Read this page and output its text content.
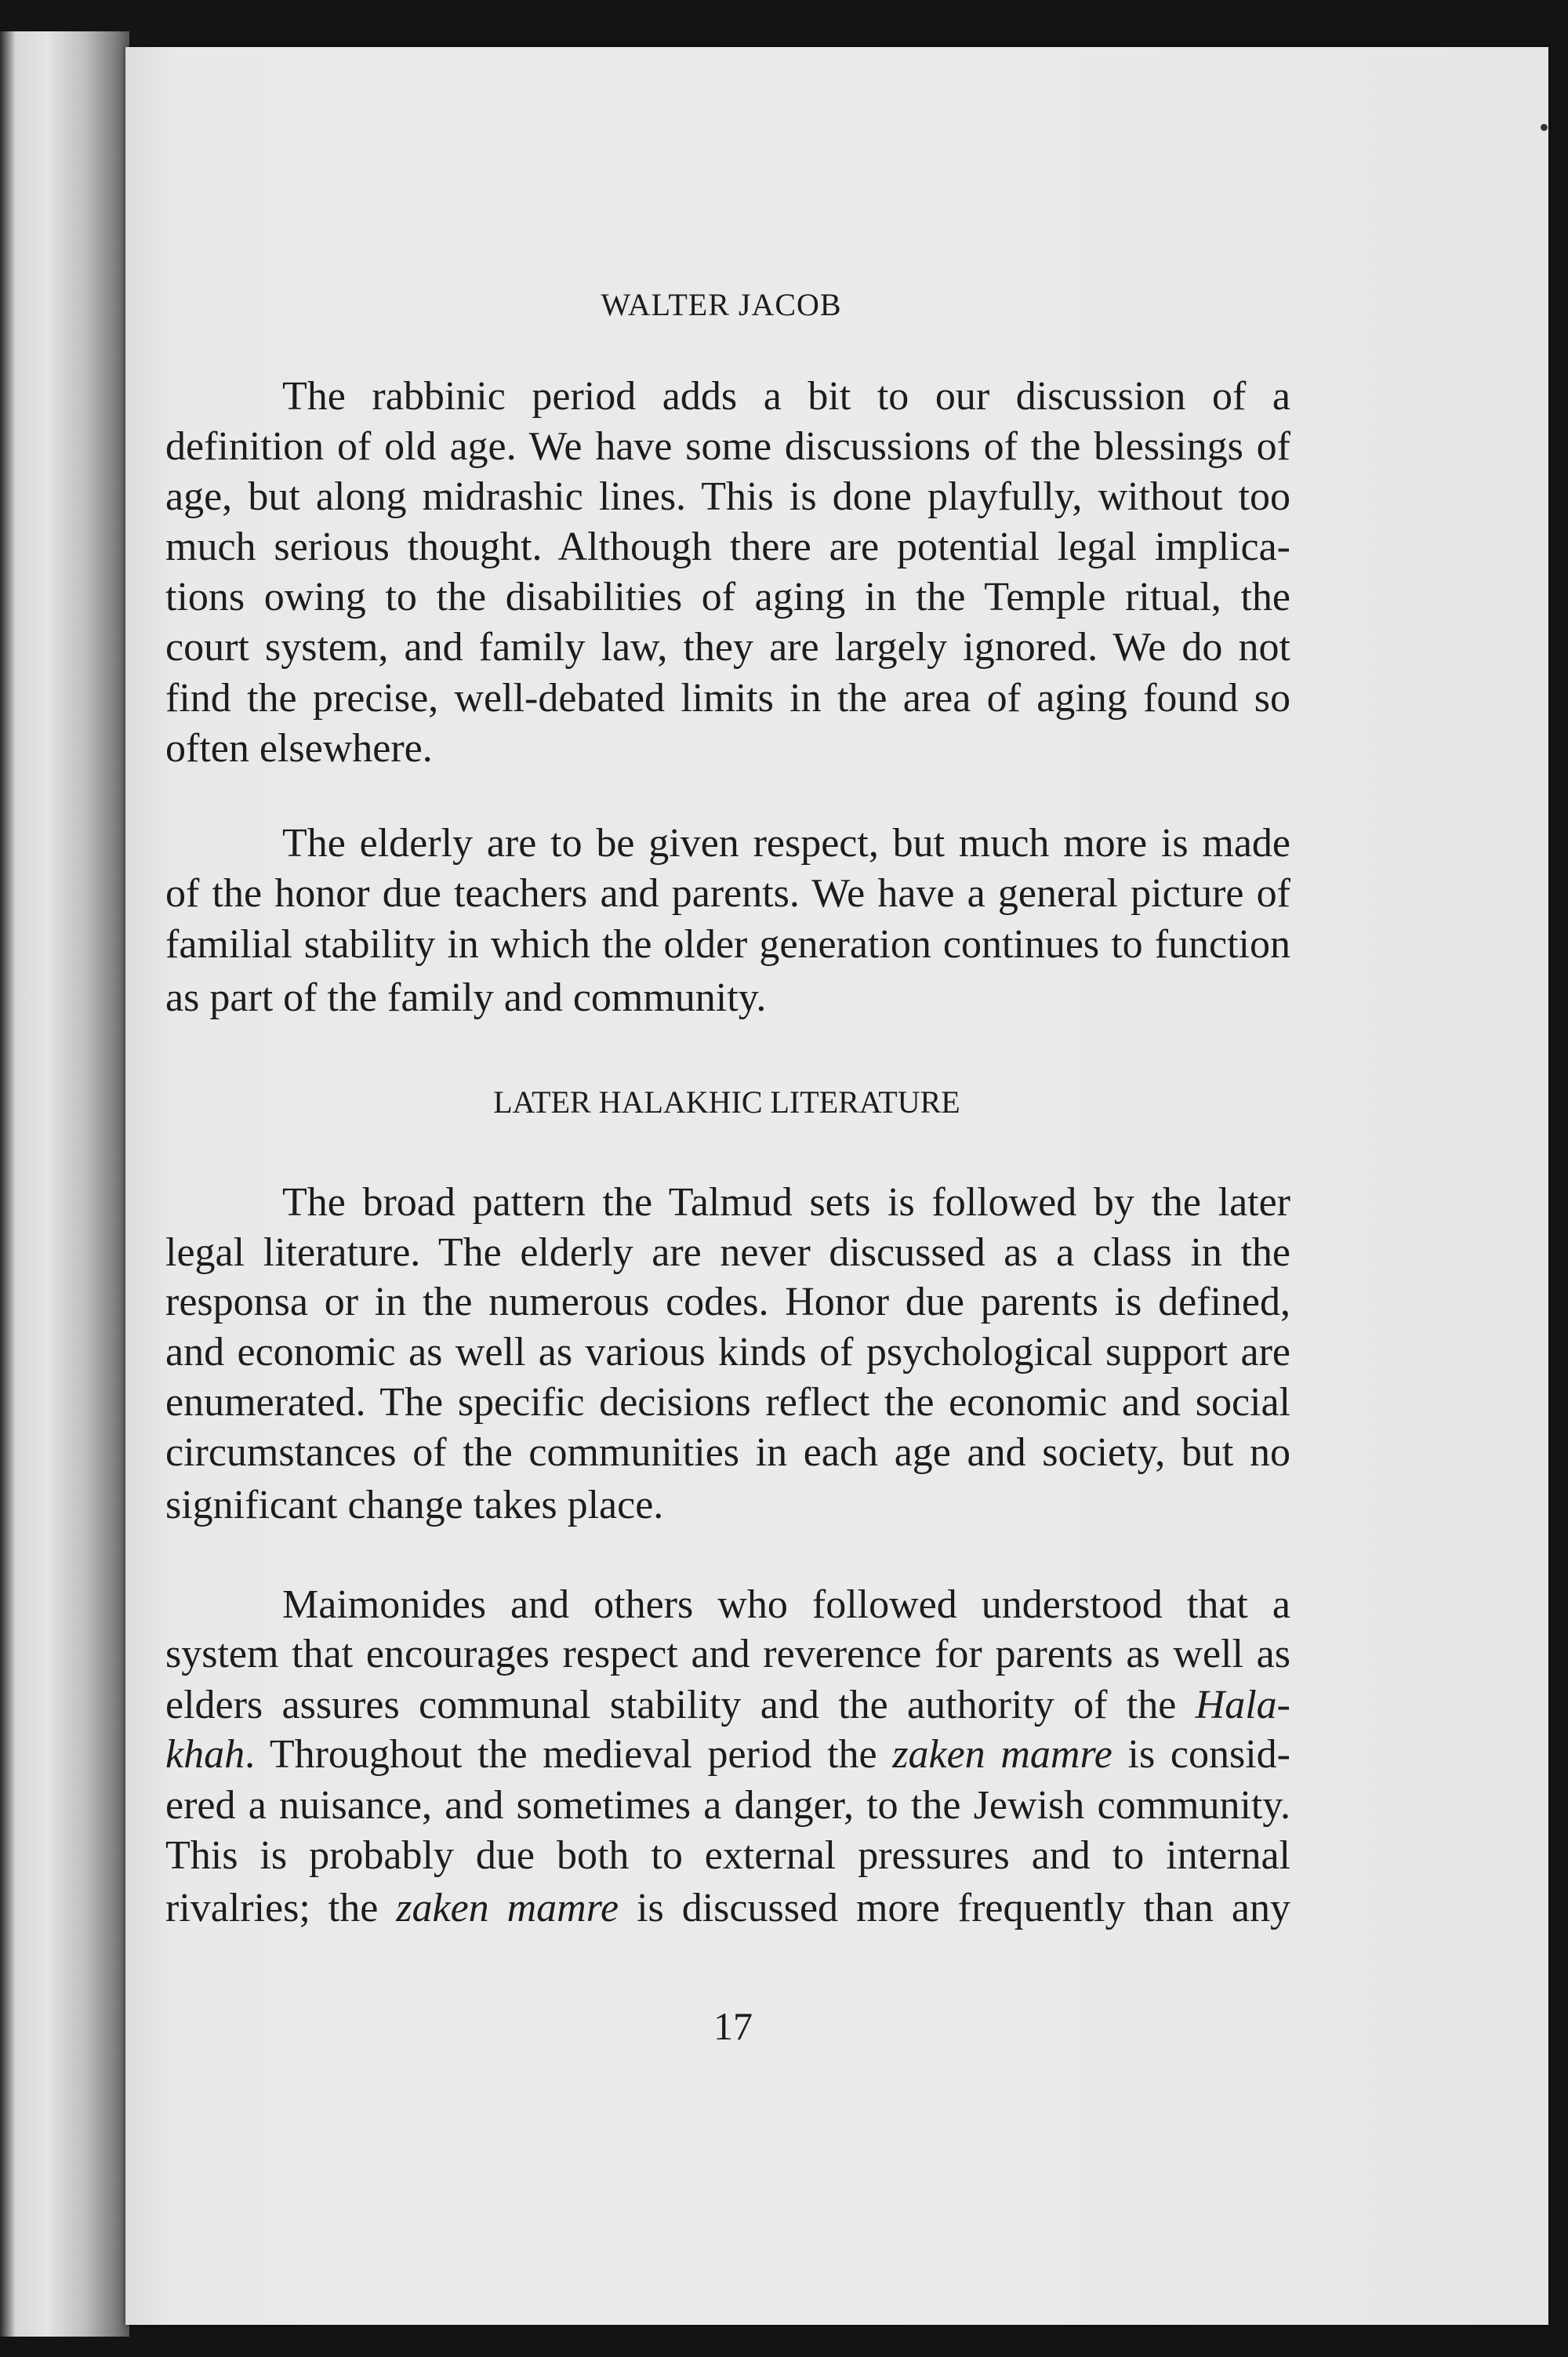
WALTER JACOB
LATER HALAKHIC LITERATURE
The rabbinic period adds a bit to our discussion of a
definition of old age. We have some discussions of the blessings of
age, but along midrashic lines. This is done playfully, without too
much serious thought. Although there are potential legal implica-
tions owing to the disabilities of aging in the Temple ritual, the
court system, and family law, they are largely ignored. We do not
find the precise, well-debated limits in the area of aging found so
often elsewhere.
The elderly are to be given respect, but much more is made
of the honor due teachers and parents. We have a general picture of
familial stability in which the older generation continues to function
as part of the family and community.
The broad pattern the Talmud sets is followed by the later
legal literature. The elderly are never discussed as a class in the
responsa or in the numerous codes. Honor due parents is defined,
and economic as well as various kinds of psychological support are
enumerated. The specific decisions reflect the economic and social
circumstances of the communities in each age and society, but no
significant change takes place.
Maimonides and others who followed understood that a
system that encourages respect and reverence for parents as well as
elders assures communal stability and the authority of the Hala-
khah. Throughout the medieval period the zaken mamre is consid-
ered a nuisance, and sometimes a danger, to the Jewish community.
This is probably due both to external pressures and to internal
rivalries; the zaken mamre is discussed more frequently than any
17
